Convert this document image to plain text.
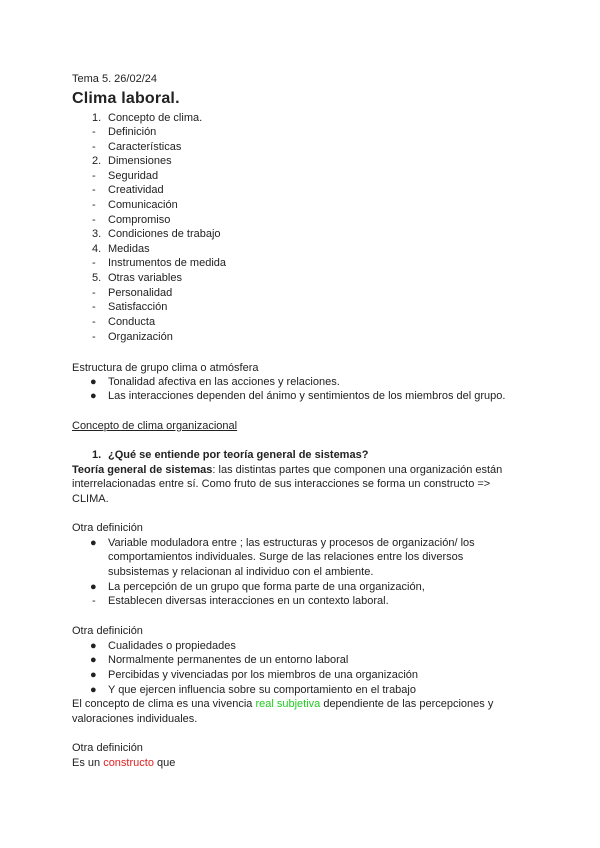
Tema 5. 26/02/24
Clima laboral.
1. Concepto de clima.
-	Definición
-	Características
2. Dimensiones
-	Seguridad
-	Creatividad
-	Comunicación
-	Compromiso
3. Condiciones de trabajo
4. Medidas
-	Instrumentos de medida
5. Otras variables
-	Personalidad
-	Satisfacción
-	Conducta
-	Organización
Estructura de grupo clima o atmósfera
● Tonalidad afectiva en las acciones y relaciones.
● Las interacciones dependen del ánimo y sentimientos de los miembros del grupo.
Concepto de clima organizacional
1. ¿Qué se entiende por teoría general de sistemas?
Teoría general de sistemas: las distintas partes que componen una organización están
interrelacionadas entre sí. Como fruto de sus interacciones se forma un constructo =>
CLIMA.
Otra definición
● Variable moduladora entre ; las estructuras y procesos de organización/ los
comportamientos individuales. Surge de las relaciones entre los diversos
subsistemas y relacionan al individuo con el ambiente.
● La percepción de un grupo que forma parte de una organización,
- Establecen diversas interacciones en un contexto laboral.
Otra definición
● Cualidades o propiedades
● Normalmente permanentes de un entorno laboral
● Percibidas y vivenciadas por los miembros de una organización
● Y que ejercen influencia sobre su comportamiento en el trabajo
El concepto de clima es una vivencia real subjetiva dependiente de las percepciones y
valoraciones individuales.
Otra definición
Es un constructo que
